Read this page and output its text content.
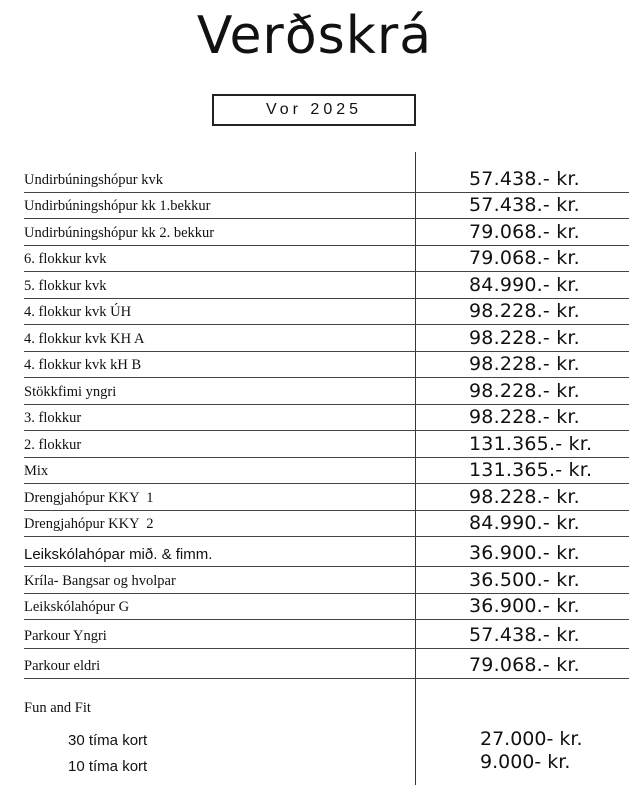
Verðskrá
Vor 2025
Undirbúningshópur kvk	57.438.- kr.
Undirbúningshópur kk 1.bekkur	57.438.- kr.
Undirbúningshópur kk 2. bekkur	79.068.- kr.
6. flokkur kvk	79.068.- kr.
5. flokkur kvk	84.990.- kr.
4. flokkur kvk ÚH	98.228.- kr.
4. flokkur kvk KH A	98.228.- kr.
4. flokkur kvk kH B	98.228.- kr.
Stökkfimi yngri	98.228.- kr.
3. flokkur	98.228.- kr.
2. flokkur	131.365.- kr.
Mix	131.365.- kr.
Drengjahópur KKY  1	98.228.- kr.
Drengjahópur KKY  2	84.990.- kr.
Leikskólahópar mið. & fimm.	36.900.- kr.
Kríla- Bangsar og hvolpar	36.500.- kr.
Leikskólahópur G	36.900.- kr.
Parkour Yngri	57.438.- kr.
Parkour eldri	79.068.- kr.
Fun and Fit
30 tíma kort	27.000- kr.
10 tíma kort	9.000- kr.
